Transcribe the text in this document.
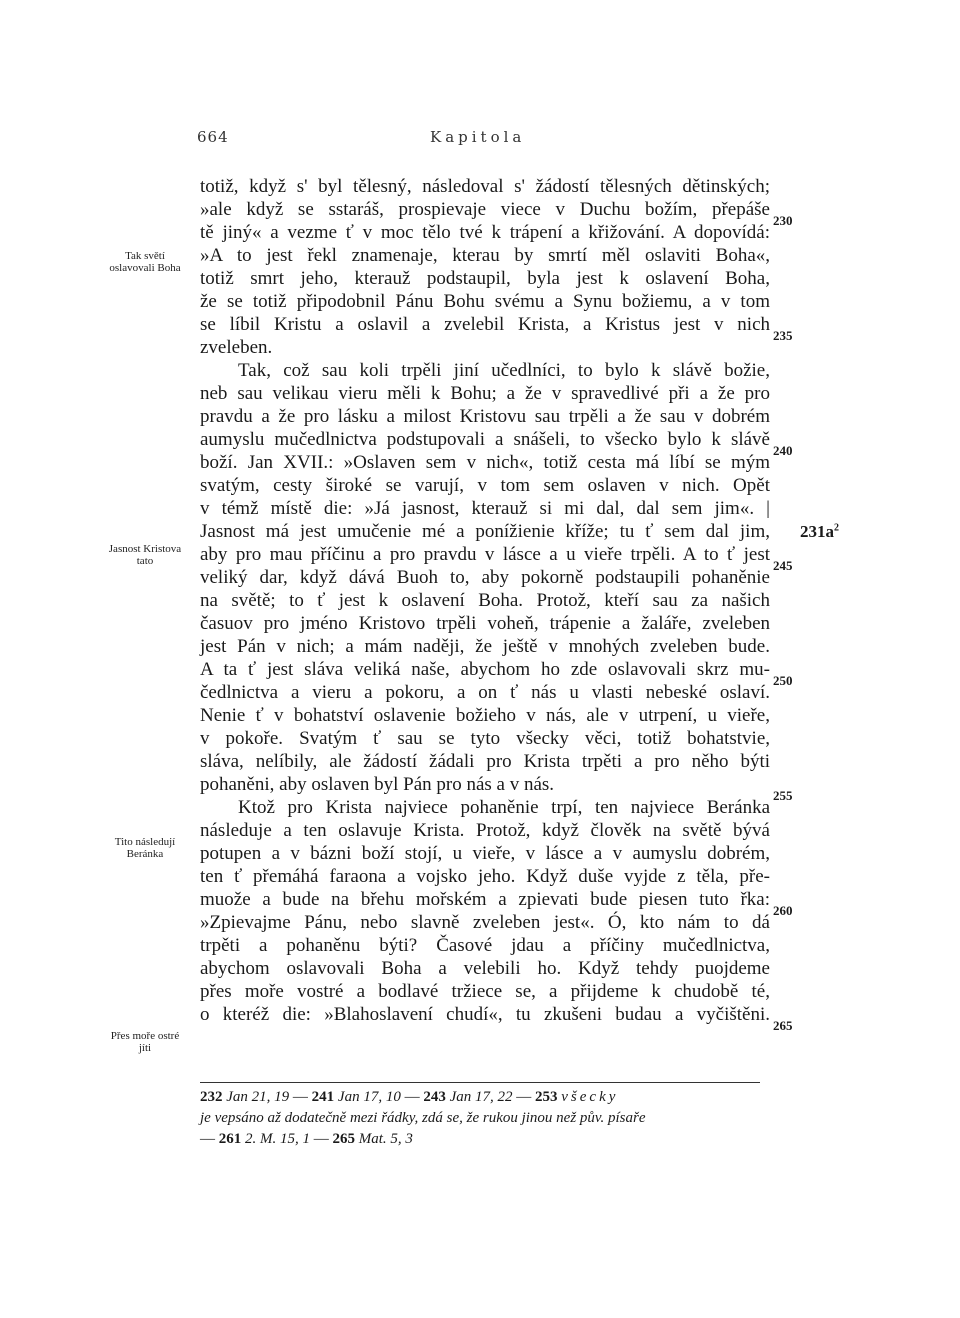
664	Kapitola
totiž, když s' byl tělesný, následoval s' žádostí tělesných dětinských;
»ale když se sstaráš, prospievaje viece v Duchu božím, přepáše
tě jiný« a vezme ť v moc tělo tvé k trápení a křižování. A dopovídá:
»A to jest řekl znamenaje, kterau by smrtí měl oslaviti Boha«,
totiž smrt jeho, kterauž podstaupil, byla jest k oslavení Boha,
že se totiž připodobnil Pánu Bohu svému a Synu božiemu, a v tom
se líbil Kristu a oslavil a zvelebil Krista, a Kristus jest v nich
zveleben.
Tak, což sau koli trpěli jiní učedlníci, to bylo k slávě božie,
neb sau velikau vieru měli k Bohu; a že v spravedlivé při a že pro
pravdu a že pro lásku a milost Kristovu sau trpěli a že sau v dobrém
aumyslu mučedlnictva podstupovali a snášeli, to všecko bylo k slávě
boží. Jan XVII.: »Oslaven sem v nich«, totiž cesta má líbí se mým
svatým, cesty široké se varují, v tom sem oslaven v nich. Opět
v témž místě die: »Já jasnost, kterauž si mi dal, dal sem jim«. |
Jasnost má jest umučenie mé a ponížienie kříže; tu ť sem dal jim,
aby pro mau příčinu a pro pravdu v lásce a u vieře trpěli. A to ť jest
veliký dar, když dává Buoh to, aby pokorně podstaupili pohaněnie
na světě; to ť jest k oslavení Boha. Protož, kteří sau za našich
časuov pro jméno Kristovo trpěli voheň, trápenie a žaláře, zveleben
jest Pán v nich; a mám naději, že ještě v mnohých zveleben bude.
A ta ť jest sláva veliká naše, abychom ho zde oslavovali skrz mu-
čedlnictva a vieru a pokoru, a on ť nás u vlasti nebeské oslaví.
Nenie ť v bohatství oslavenie božieho v nás, ale v utrpení, u vieře,
v pokoře. Svatým ť sau se tyto všecky věci, totiž bohatstvie,
sláva, nelíbily, ale žádostí žádali pro Krista trpěti a pro něho býti
pohaněni, aby oslaven byl Pán pro nás a v nás.
Ktož pro Krista najviece pohaněnie trpí, ten najviece Beránka
následuje a ten oslavuje Krista. Protož, když člověk na světě bývá
potupen a v bázni boží stojí, u vieře, v lásce a v aumyslu dobrém,
ten ť přemáhá faraona a vojsko jeho. Když duše vyjde z těla, pře-
muože a bude na břehu mořském a zpievati bude piesen tuto řka:
»Zpievajme Pánu, nebo slavně zveleben jest«. Ó, kto nám to dá
trpěti a pohaněnu býti? Časové jdau a příčiny mučedlnictva,
abychom oslavovali Boha a velebili ho. Když tehdy puojdeme
přes moře vostré a bodlavé tržiece se, a přijdeme k chudobě té,
o kteréž die: »Blahoslavení chudí«, tu zkušeni budau a vyčištěni.
230
235
240
245
250
255
260
265
Tak světí
oslavovali Boha
Jasnost Kristova
tato
Tito následují
Beránka
Přes moře ostré
jíti
$231a^2$
232 Jan 21, 19 — 241 Jan 17, 10 — 243 Jan 17, 22 — 253 všecky
je vepsáno až dodatečně mezi řádky, zdá se, že rukou jinou než pův. písaře
— 261 2. M. 15, 1 — 265 Mat. 5, 3
